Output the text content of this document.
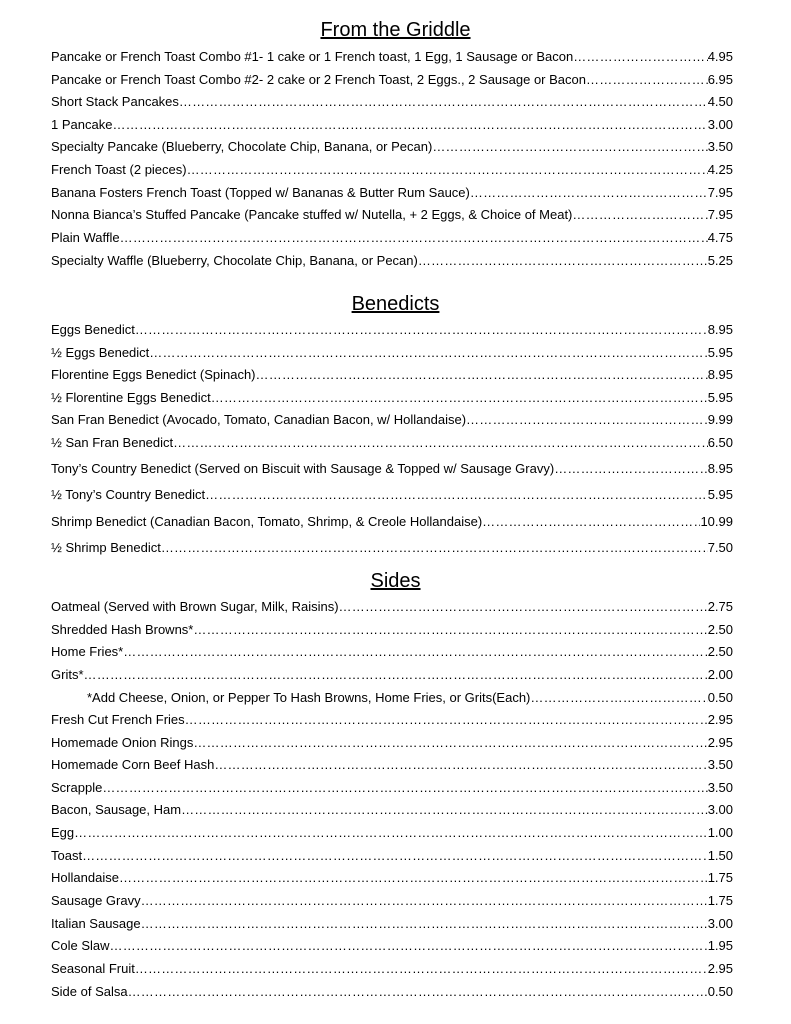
From the Griddle
Pancake or French Toast Combo #1- 1 cake or 1 French toast, 1 Egg, 1 Sausage or Bacon ……………………………………………………………………………………………………………………………………………………………………………………………………………………………………………	4.95
Pancake or French Toast Combo #2- 2 cake or 2 French Toast, 2 Eggs., 2 Sausage or Bacon ……………………………………………………………………………………………………………………………………………………………………………………………………………………………………………	6.95
Short Stack Pancakes ……………………………………………………………………………………………………………………………………………………………………………………………………………………………………………	4.50
1 Pancake ……………………………………………………………………………………………………………………………………………………………………………………………………………………………………………	3.00
Specialty Pancake (Blueberry, Chocolate Chip, Banana, or Pecan) ……………………………………………………………………………………………………………………………………………………………………………………………………………………………………………	3.50
French Toast (2 pieces) ……………………………………………………………………………………………………………………………………………………………………………………………………………………………………………	4.25
Banana Fosters French Toast (Topped w/ Bananas & Butter Rum Sauce) ……………………………………………………………………………………………………………………………………………………………………………………………………………………………………………	7.95
Nonna Bianca’s Stuffed Pancake (Pancake stuffed w/ Nutella, + 2 Eggs, & Choice of Meat) ……………………………………………………………………………………………………………………………………………………………………………………………………………………………………………	7.95
Plain Waffle ……………………………………………………………………………………………………………………………………………………………………………………………………………………………………………	4.75
Specialty Waffle (Blueberry, Chocolate Chip, Banana, or Pecan) ……………………………………………………………………………………………………………………………………………………………………………………………………………………………………………	5.25
Benedicts
Eggs Benedict ……………………………………………………………………………………………………………………………………………………………………………………………………………………………………………	8.95
½ Eggs Benedict ……………………………………………………………………………………………………………………………………………………………………………………………………………………………………………	5.95
Florentine Eggs Benedict (Spinach) ……………………………………………………………………………………………………………………………………………………………………………………………………………………………………………	8.95
½ Florentine Eggs Benedict ……………………………………………………………………………………………………………………………………………………………………………………………………………………………………………	5.95
San Fran Benedict (Avocado, Tomato, Canadian Bacon, w/ Hollandaise) ……………………………………………………………………………………………………………………………………………………………………………………………………………………………………………	9.99
½ San Fran Benedict ……………………………………………………………………………………………………………………………………………………………………………………………………………………………………………	6.50
Tony’s Country Benedict (Served on Biscuit with Sausage & Topped w/ Sausage Gravy) ……………………………………………………………………………………………………………………………………………………………………………………………………………………………………………	8.95
½ Tony’s Country Benedict ……………………………………………………………………………………………………………………………………………………………………………………………………………………………………………	5.95
Shrimp Benedict (Canadian Bacon, Tomato, Shrimp, & Creole Hollandaise) ……………………………………………………………………………………………………………………………………………………………………………………………………………………………………………	10.99
½ Shrimp Benedict ……………………………………………………………………………………………………………………………………………………………………………………………………………………………………………	7.50
Sides
Oatmeal (Served with Brown Sugar, Milk, Raisins) ……………………………………………………………………………………………………………………………………………………………………………………………………………………………………………	2.75
Shredded Hash Browns* ……………………………………………………………………………………………………………………………………………………………………………………………………………………………………………	2.50
Home Fries* ……………………………………………………………………………………………………………………………………………………………………………………………………………………………………………	2.50
Grits* ……………………………………………………………………………………………………………………………………………………………………………………………………………………………………………	2.00
*Add Cheese, Onion, or Pepper To Hash Browns, Home Fries, or Grits(Each) ……………………………………………………………………………………………………………………………………………………………………………………………………………………………………………	0.50
Fresh Cut French Fries ……………………………………………………………………………………………………………………………………………………………………………………………………………………………………………	2.95
Homemade Onion Rings ……………………………………………………………………………………………………………………………………………………………………………………………………………………………………………	2.95
Homemade Corn Beef Hash ……………………………………………………………………………………………………………………………………………………………………………………………………………………………………………	3.50
Scrapple ……………………………………………………………………………………………………………………………………………………………………………………………………………………………………………	3.50
Bacon, Sausage, Ham ……………………………………………………………………………………………………………………………………………………………………………………………………………………………………………	3.00
Egg ……………………………………………………………………………………………………………………………………………………………………………………………………………………………………………	1.00
Toast ……………………………………………………………………………………………………………………………………………………………………………………………………………………………………………	1.50
Hollandaise ……………………………………………………………………………………………………………………………………………………………………………………………………………………………………………	1.75
Sausage Gravy ……………………………………………………………………………………………………………………………………………………………………………………………………………………………………………	1.75
Italian Sausage ……………………………………………………………………………………………………………………………………………………………………………………………………………………………………………	3.00
Cole Slaw ……………………………………………………………………………………………………………………………………………………………………………………………………………………………………………	1.95
Seasonal Fruit ……………………………………………………………………………………………………………………………………………………………………………………………………………………………………………	2.95
Side of Salsa ……………………………………………………………………………………………………………………………………………………………………………………………………………………………………………	0.50
